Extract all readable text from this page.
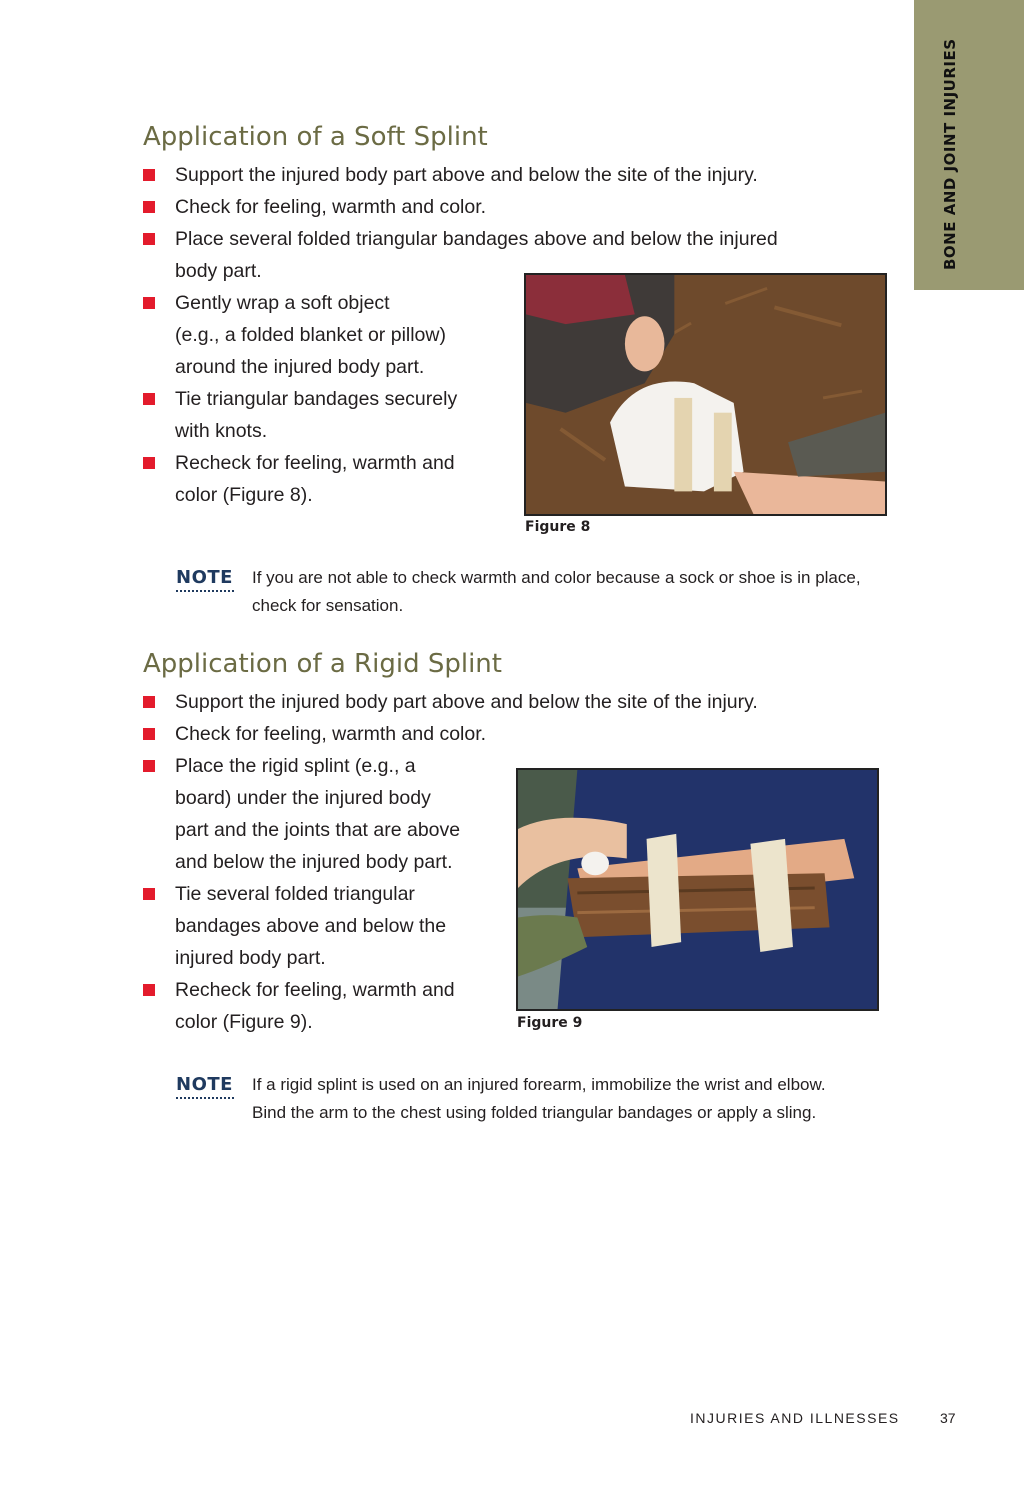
BONE AND JOINT INJURIES
Application of a Soft Splint
Support the injured body part above and below the site of the injury.
Check for feeling, warmth and color.
Place several folded triangular bandages above and below the injured
body part.
Gently wrap a soft object
(e.g., a folded blanket or pillow)
around the injured body part.
Tie triangular bandages securely
with knots.
Recheck for feeling, warmth and
color (Figure 8).
Figure 8
NOTE If you are not able to check warmth and color because a sock or shoe is in place, check for sensation.
Application of a Rigid Splint
Support the injured body part above and below the site of the injury.
Check for feeling, warmth and color.
Place the rigid splint (e.g., a
board) under the injured body
part and the joints that are above
and below the injured body part.
Tie several folded triangular
bandages above and below the
injured body part.
Recheck for feeling, warmth and
color (Figure 9).	Figure 9
NOTE If a rigid splint is used on an injured forearm, immobilize the wrist and elbow. Bind the arm to the chest using folded triangular bandages or apply a sling.
INJURIES AND ILLNESSES	37
